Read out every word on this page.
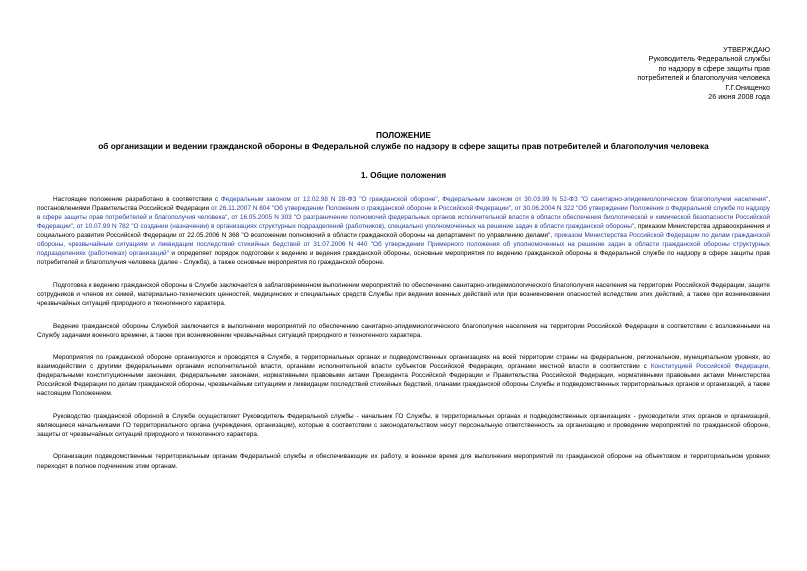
УТВЕРЖДАЮ
Руководитель Федеральной службы
по надзору в сфере защиты прав
потребителей и благополучия человека
Г.Г.Онищенко
26 июня 2008 года
ПОЛОЖЕНИЕ
об организации и ведении гражданской обороны в Федеральной службе по надзору в сфере защиты прав потребителей и благополучия человека
1. Общие положения

Настоящее положение разработано в соответствии с Федеральным законом от 12.02.98 N 28-ФЗ "О гражданской обороне", Федеральным законом от 30.03.99 N 52-ФЗ "О санитарно-эпидемиологическом благополучии населения", постановлениями Правительства Российской Федерации от 26.11.2007 N 804 "Об утверждении Положения о гражданской обороне в Российской Федерации", от 30.06.2004 N 322 "Об утверждении Положения о Федеральной службе по надзору в сфере защиты прав потребителей и благополучия человека", от 16.05.2005 N 303 "О разграничении полномочий федеральных органов исполнительной власти в области обеспечения биологической и химической безопасности Российской Федерации", от 10.07.99 N 782 "О создании (назначении) в организациях структурных подразделений (работников), специально уполномоченных на решение задач в области гражданской обороны", приказом Министерства здравоохранения и социального развития Российской Федерации от 22.05.2006 N 368 "О возложении полномочий в области гражданской обороны на департамент по управлению делами", приказом Министерства Российской Федерации по делам гражданской обороны, чрезвычайным ситуациям и ликвидации последствий стихийных бедствий от 31.07.2006 N 440 "Об утверждении Примерного положения об уполномоченных на решение задач в области гражданской обороны структурных подразделениях (работниках) организаций" и определяет порядок подготовки к ведению и ведения гражданской обороны, основные мероприятия по ведению гражданской обороны в Федеральной службе по надзору в сфере защиты прав потребителей и благополучия человека (далее - Служба), а также основные мероприятия по гражданской обороне.

Подготовка к ведению гражданской обороны в Службе заключается в заблаговременном выполнении мероприятий по обеспечению санитарно-эпидемиологического благополучия населения на территории Российской Федерации, защите сотрудников и членов их семей, материально-технических ценностей, медицинских и специальных средств Службы при ведении военных действий или при возникновении опасностей вследствие этих действий, а также при возникновении чрезвычайных ситуаций природного и техногенного характера.

Ведение гражданской обороны Службой заключается в выполнении мероприятий по обеспечению санитарно-эпидемиологического благополучия населения на территории Российской Федерации в соответствии с возложенными на Службу задачами военного времени, а также при возникновении чрезвычайных ситуаций природного и техногенного характера.

Мероприятия по гражданской обороне организуются и проводятся в Службе, в территориальных органах и подведомственных организациях на всей территории страны на федеральном, региональном, муниципальном уровнях, во взаимодействии с другими федеральными органами исполнительной власти, органами исполнительной власти субъектов Российской Федерации, органами местной власти в соответствии с Конституцией Российской Федерации, федеральными конституционными законами, федеральными законами, нормативными правовыми актами Президента Российской Федерации и Правительства Российской Федерации, нормативными правовыми актами Министерства Российской Федерации по делам гражданской обороны, чрезвычайным ситуациям и ликвидации последствий стихийных бедствий, планами гражданской обороны Службы и подведомственных территориальных органов и организаций, а также настоящим Положением.

Руководство гражданской обороной в Службе осуществляет Руководитель Федеральной службы - начальник ГО Службы, в территориальных органах и подведомственных организациях - руководители этих органов и организаций, являющиеся начальниками ГО территориального органа (учреждения, организации), которые в соответствии с законодательством несут персональную ответственность за организацию и проведение мероприятий по гражданской обороне, защиты от чрезвычайных ситуаций природного и техногенного характера.

Организации подведомственные территориальным органам Федеральной службы и обеспечивающие их работу, в военное время для выполнения мероприятий по гражданской обороне на объектовом и территориальном уровнях переходят в полное подчинение этим органам.
